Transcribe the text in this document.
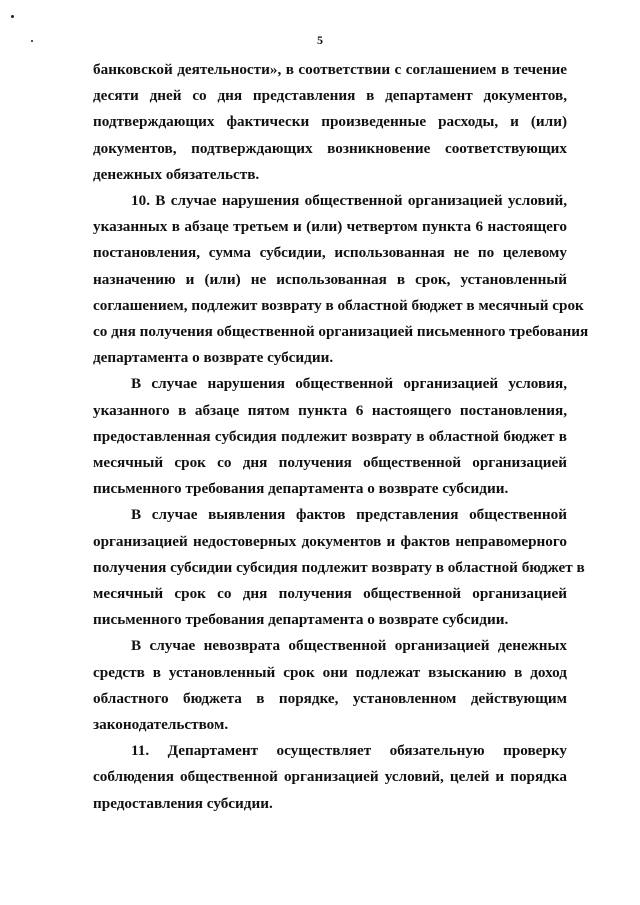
5
банковской деятельности», в соответствии с соглашением в течение
десяти дней со дня представления в департамент документов,
подтверждающих фактически произведенные расходы, и (или)
документов, подтверждающих возникновение соответствующих
денежных обязательств.
10. В случае нарушения общественной организацией условий,
указанных в абзаце третьем и (или) четвертом пункта 6 настоящего
постановления, сумма субсидии, использованная не по целевому
назначению и (или) не использованная в срок, установленный
соглашением, подлежит возврату в областной бюджет в месячный срок
со дня получения общественной организацией письменного требования
департамента о возврате субсидии.
В случае нарушения общественной организацией условия,
указанного в абзаце пятом пункта 6 настоящего постановления,
предоставленная субсидия подлежит возврату в областной бюджет в
месячный срок со дня получения общественной организацией
письменного требования департамента о возврате субсидии.
В случае выявления фактов представления общественной
организацией недостоверных документов и фактов неправомерного
получения субсидии субсидия подлежит возврату в областной бюджет в
месячный срок со дня получения общественной организацией
письменного требования департамента о возврате субсидии.
В случае невозврата общественной организацией денежных
средств в установленный срок они подлежат взысканию в доход
областного бюджета в порядке, установленном действующим
законодательством.
11. Департамент осуществляет обязательную проверку
соблюдения общественной организацией условий, целей и порядка
предоставления субсидии.
